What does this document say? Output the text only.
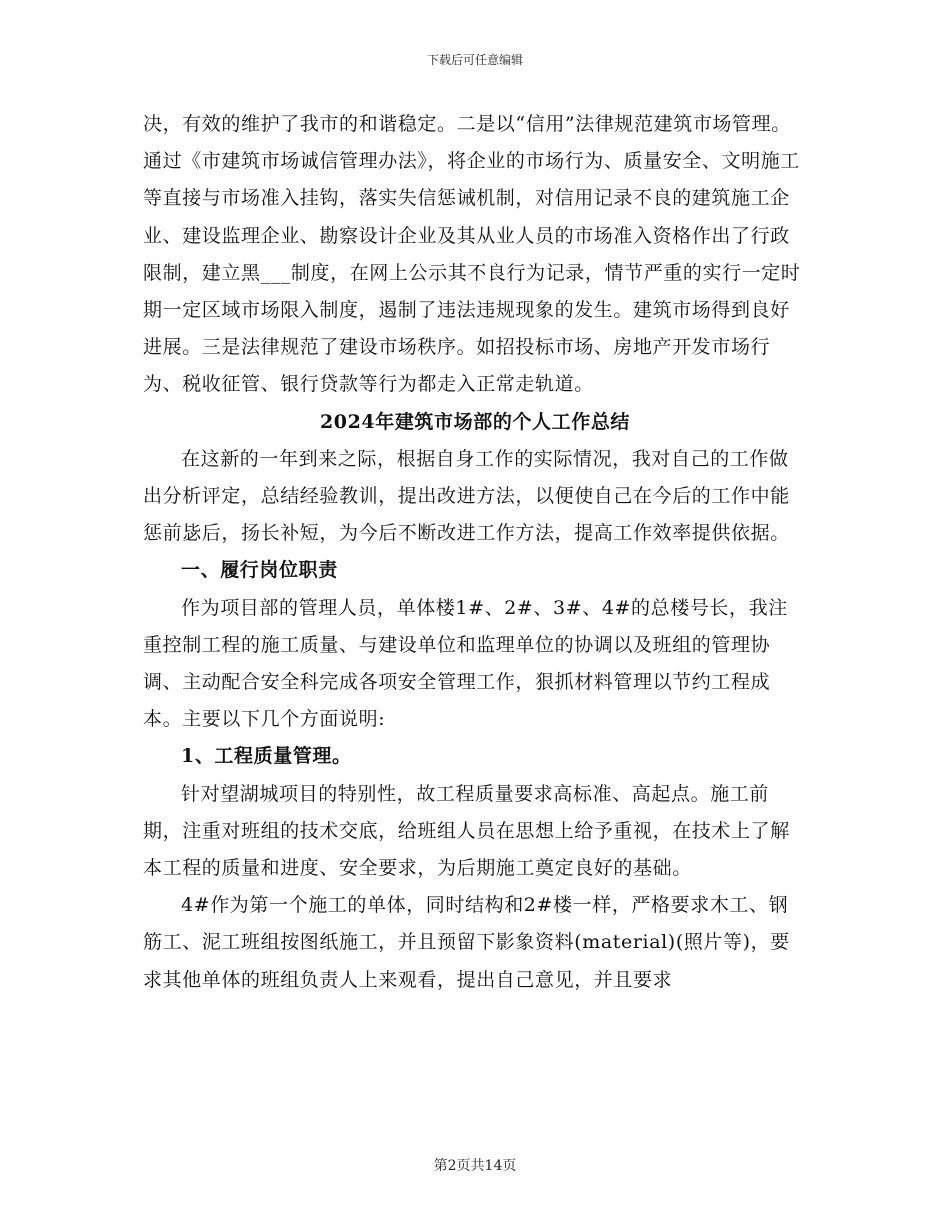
下载后可任意编辑

决，有效的维护了我市的和谐稳定。二是以“信用”法律规范建筑市场管理。通过《市建筑市场诚信管理办法》，将企业的市场行为、质量安全、文明施工等直接与市场准入挂钩，落实失信惩诫机制，对信用记录不良的建筑施工企业、建设监理企业、勘察设计企业及其从业人员的市场准入资格作出了行政限制，建立黑___制度，在网上公示其不良行为记录，情节严重的实行一定时期一定区域市场限入制度，遏制了违法违规现象的发生。建筑市场得到良好进展。三是法律规范了建设市场秩序。如招投标市场、房地产开发市场行为、税收征管、银行贷款等行为都走入正常走轨道。

2024年建筑市场部的个人工作总结

在这新的一年到来之际，根据自身工作的实际情况，我对自己的工作做出分析评定，总结经验教训，提出改进方法，以便使自己在今后的工作中能惩前毖后，扬长补短，为今后不断改进工作方法，提高工作效率提供依据。

一、履行岗位职责

作为项目部的管理人员，单体楼1#、2#、3#、4#的总楼号长，我注重控制工程的施工质量、与建设单位和监理单位的协调以及班组的管理协调、主动配合安全科完成各项安全管理工作，狠抓材料管理以节约工程成本。主要以下几个方面说明:

1、工程质量管理。

针对望湖城项目的特别性，故工程质量要求高标准、高起点。施工前期，注重对班组的技术交底，给班组人员在思想上给予重视，在技术上了解本工程的质量和进度、安全要求，为后期施工奠定良好的基础。

4#作为第一个施工的单体，同时结构和2#楼一样，严格要求木工、钢筋工、泥工班组按图纸施工，并且预留下影象资料(material)(照片等)，要求其他单体的班组负责人上来观看，提出自己意见，并且要求

第2页共14页
